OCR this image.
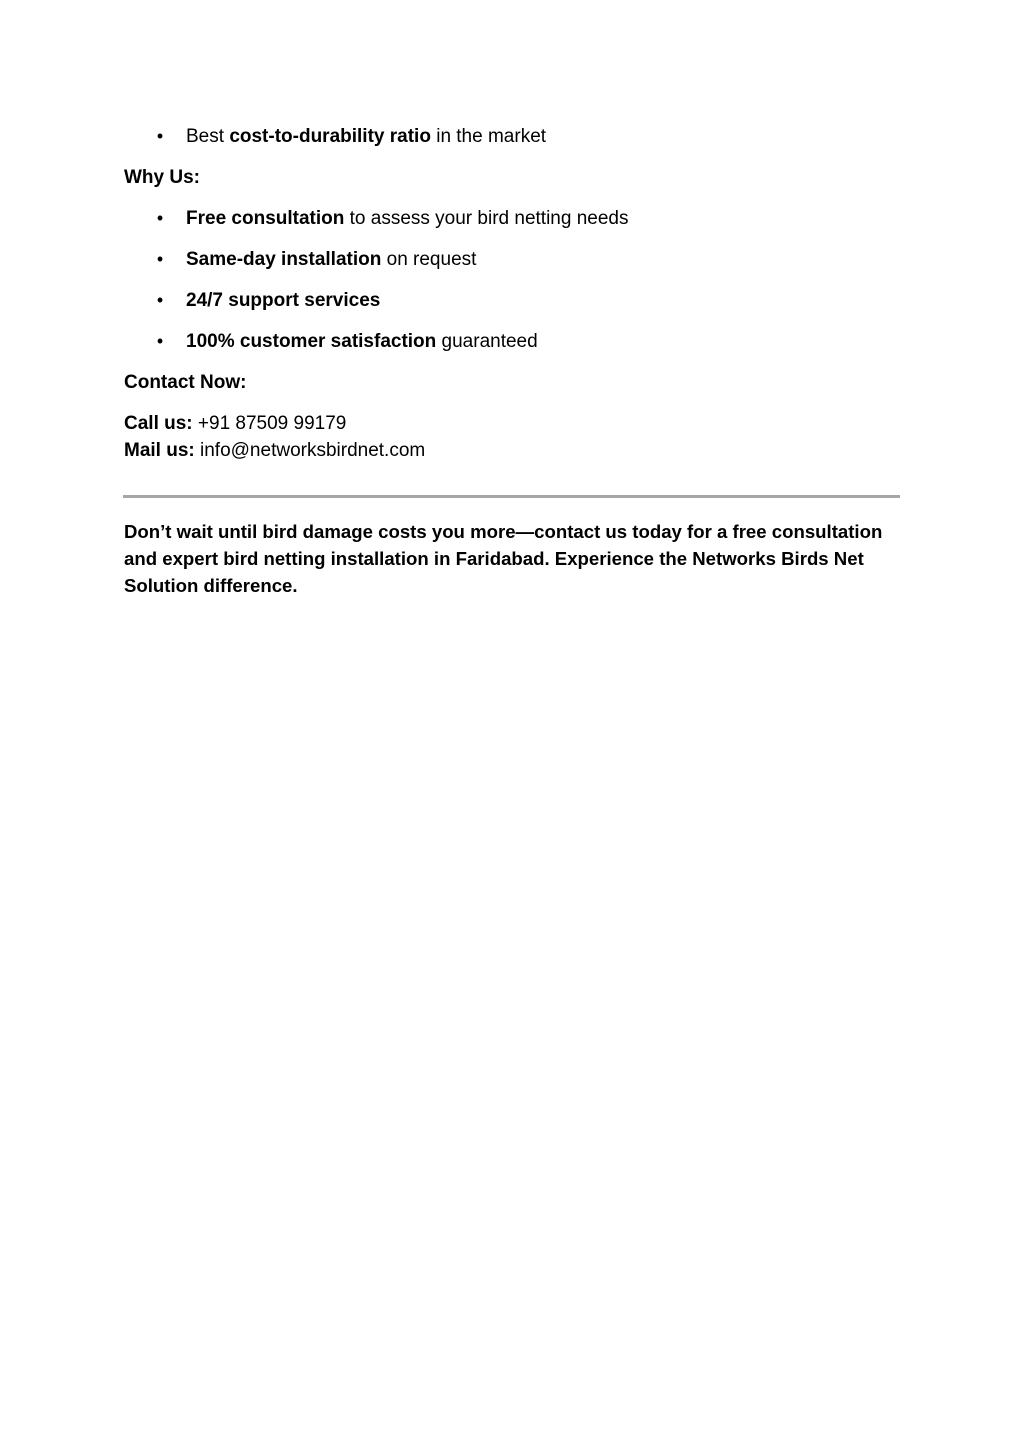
• Best cost-to-durability ratio in the market
Why Us:
• Free consultation to assess your bird netting needs
• Same-day installation on request
• 24/7 support services
• 100% customer satisfaction guaranteed
Contact Now:
Call us: +91 87509 99179
Mail us: info@networksbirdnet.com
Don’t wait until bird damage costs you more—contact us today for a free consultation and expert bird netting installation in Faridabad. Experience the Networks Birds Net Solution difference.
